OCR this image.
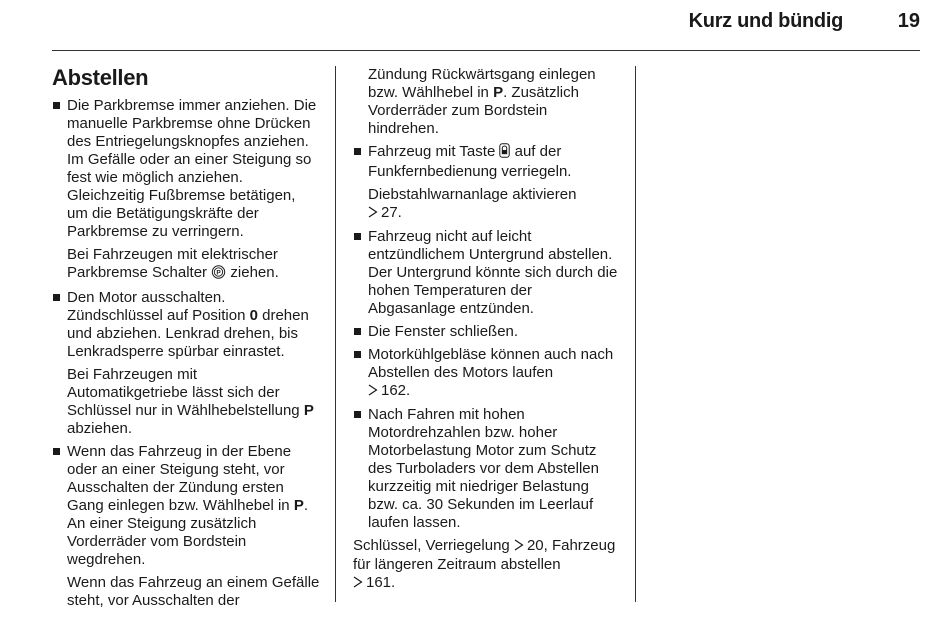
Kurz und bündig	19
Abstellen
Die Parkbremse immer anziehen. Die manuelle Parkbremse ohne Drücken des Entriegelungsknopfes anziehen. Im Gefälle oder an einer Steigung so fest wie möglich anziehen. Gleichzeitig Fußbremse betätigen, um die Betätigungskräfte der Parkbremse zu verringern.
Bei Fahrzeugen mit elektrischer Parkbremse Schalter P ziehen.
Den Motor ausschalten. Zündschlüssel auf Position 0 drehen und abziehen. Lenkrad drehen, bis Lenkradsperre spürbar einrastet.
Bei Fahrzeugen mit Automatikgetriebe lässt sich der Schlüssel nur in Wählhebelstellung P abziehen.
Wenn das Fahrzeug in der Ebene oder an einer Steigung steht, vor Ausschalten der Zündung ersten Gang einlegen bzw. Wählhebel in P. An einer Steigung zusätzlich Vorderräder vom Bordstein wegdrehen.
Wenn das Fahrzeug an einem Gefälle steht, vor Ausschalten der
Zündung Rückwärtsgang einlegen bzw. Wählhebel in P. Zusätzlich Vorderräder zum Bordstein hindrehen.
Fahrzeug mit Taste auf der Funkfernbedienung verriegeln.
Diebstahlwarnanlage aktivieren
27.
Fahrzeug nicht auf leicht entzündlichem Untergrund abstellen. Der Untergrund könnte sich durch die hohen Temperaturen der Abgasanlage entzünden.
Die Fenster schließen.
Motorkühlgebläse können auch nach Abstellen des Motors laufen
162.
Nach Fahren mit hohen Motordrehzahlen bzw. hoher Motorbelastung Motor zum Schutz des Turboladers vor dem Abstellen kurzzeitig mit niedriger Belastung bzw. ca. 30 Sekunden im Leerlauf laufen lassen.
Schlüssel, Verriegelung 20, Fahrzeug für längeren Zeitraum abstellen
161.
